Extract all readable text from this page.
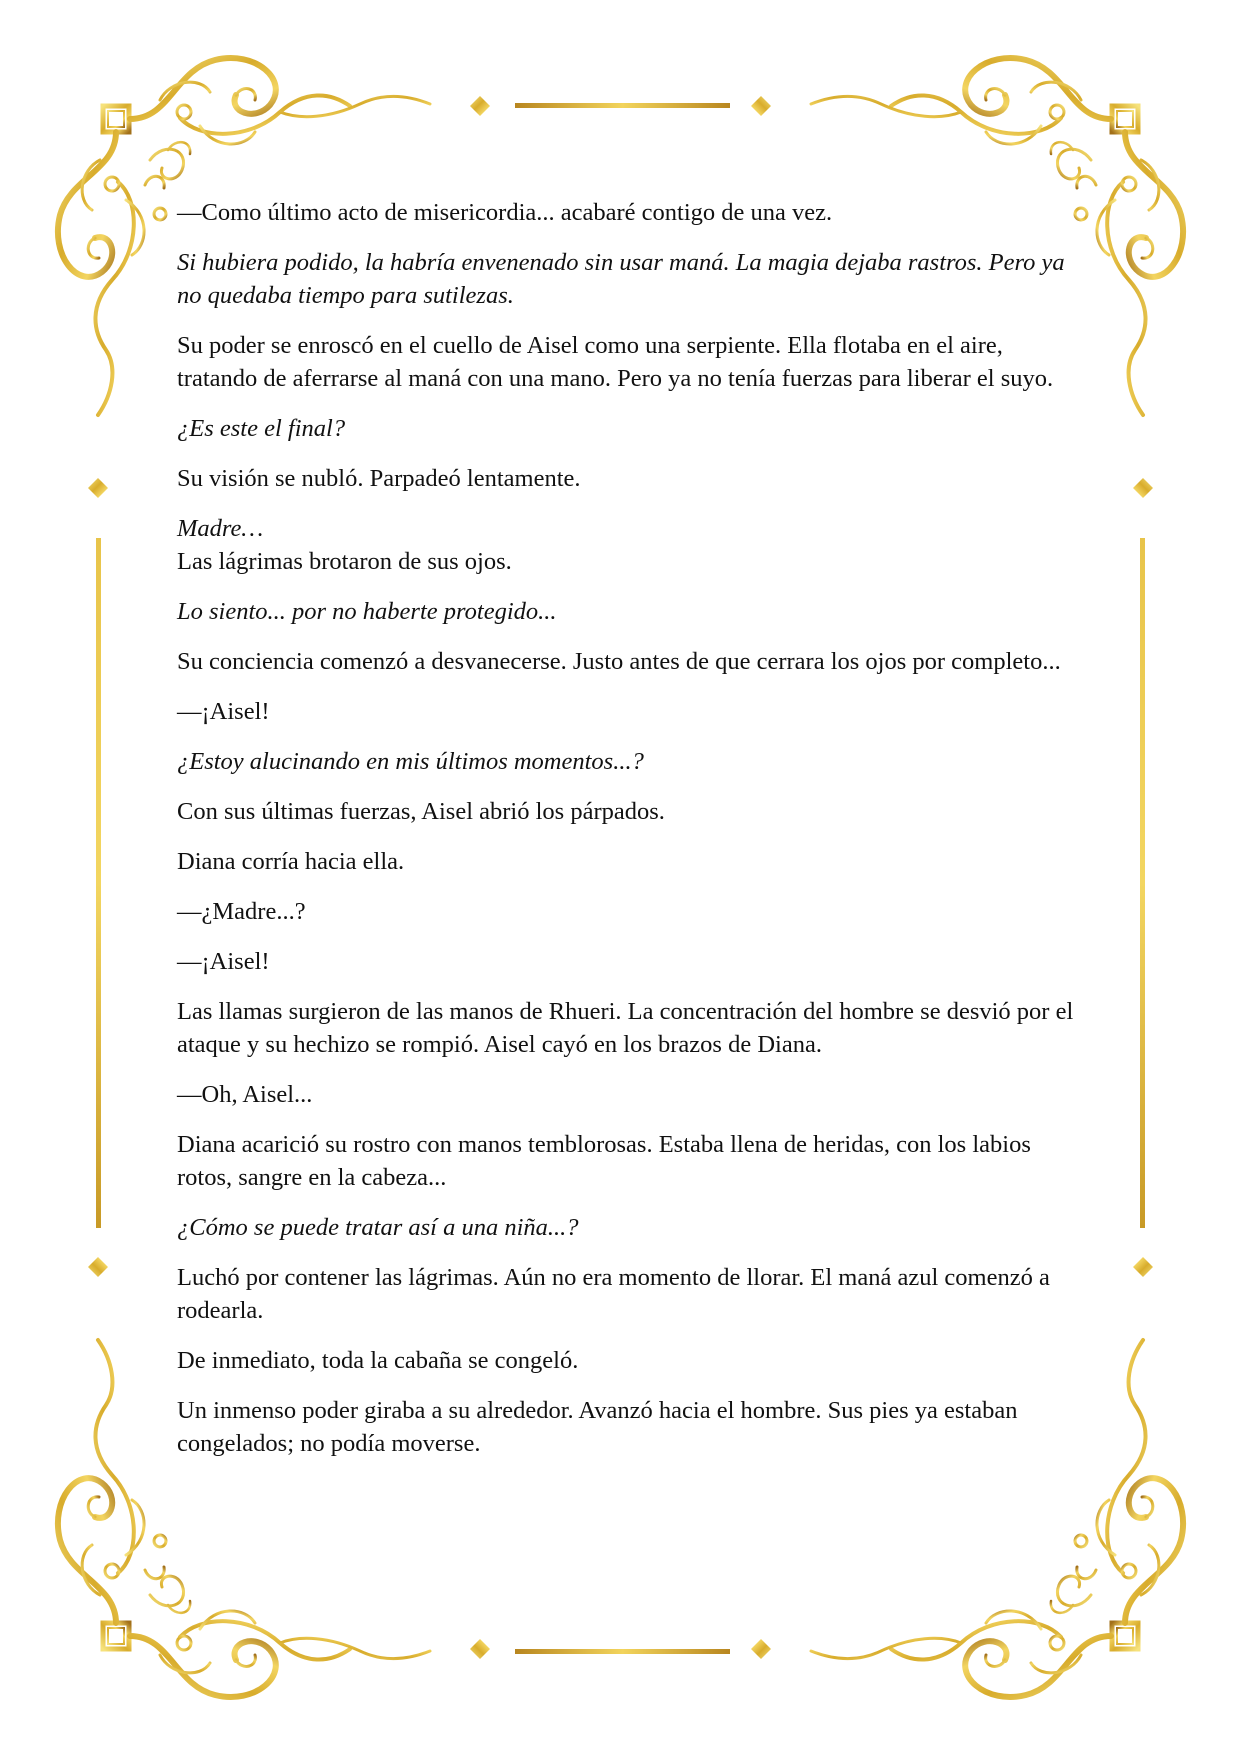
—Como último acto de misericordia... acabaré contigo de una vez.

Si hubiera podido, la habría envenenado sin usar maná. La magia dejaba rastros. Pero ya no quedaba tiempo para sutilezas.

Su poder se enroscó en el cuello de Aisel como una serpiente. Ella flotaba en el aire, tratando de aferrarse al maná con una mano. Pero ya no tenía fuerzas para liberar el suyo.

¿Es este el final?

Su visión se nubló. Parpadeó lentamente.

Madre…

Las lágrimas brotaron de sus ojos.

Lo siento... por no haberte protegido...

Su conciencia comenzó a desvanecerse. Justo antes de que cerrara los ojos por completo...

—¡Aisel!

¿Estoy alucinando en mis últimos momentos...?

Con sus últimas fuerzas, Aisel abrió los párpados.

Diana corría hacia ella.

—¿Madre...?

—¡Aisel!

Las llamas surgieron de las manos de Rhueri. La concentración del hombre se desvió por el ataque y su hechizo se rompió. Aisel cayó en los brazos de Diana.

—Oh, Aisel...

Diana acarició su rostro con manos temblorosas. Estaba llena de heridas, con los labios rotos, sangre en la cabeza...

¿Cómo se puede tratar así a una niña...?

Luchó por contener las lágrimas. Aún no era momento de llorar. El maná azul comenzó a rodearla.

De inmediato, toda la cabaña se congeló.

Un inmenso poder giraba a su alrededor. Avanzó hacia el hombre. Sus pies ya estaban congelados; no podía moverse.
